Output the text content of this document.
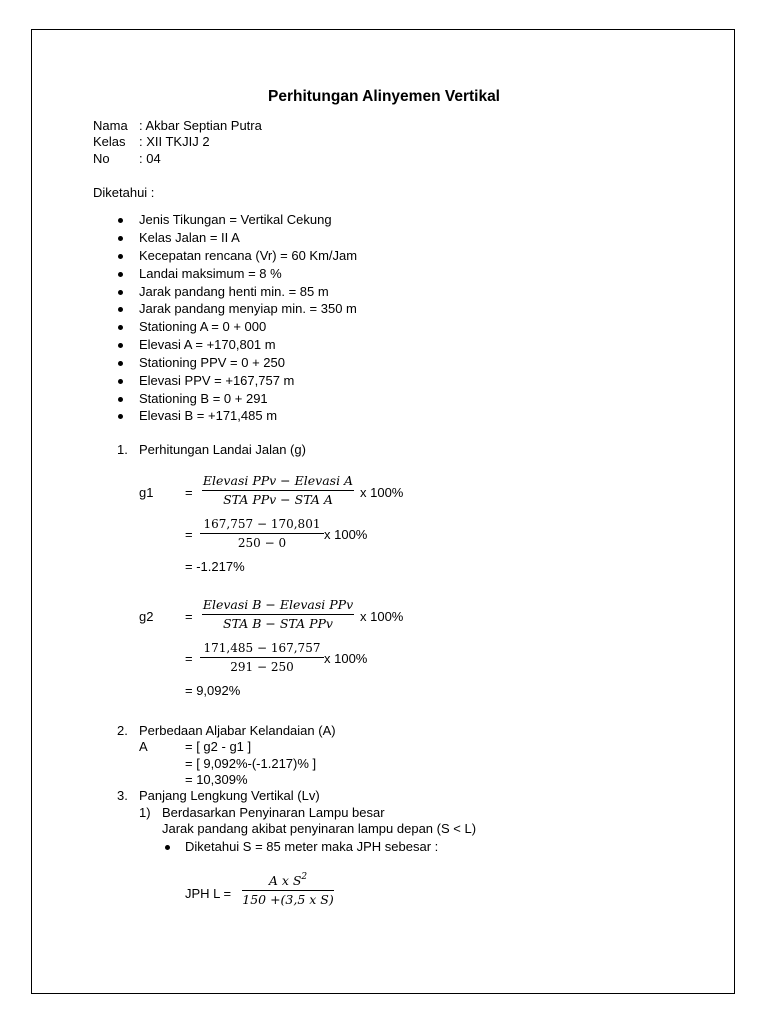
Perhitungan Alinyemen Vertikal
Nama : Akbar Septian Putra
Kelas : XII TKJIJ 2
No : 04
Diketahui :
Jenis Tikungan = Vertikal Cekung
Kelas Jalan = II A
Kecepatan rencana (Vr) = 60 Km/Jam
Landai maksimum = 8 %
Jarak pandang henti min. = 85 m
Jarak pandang menyiap min. = 350 m
Stationing A = 0 + 000
Elevasi A = +170,801 m
Stationing PPV = 0 + 250
Elevasi PPV = +167,757 m
Stationing B = 0 + 291
Elevasi B = +171,485 m
1. Perhitungan Landai Jalan (g)
g1 =
Elevasi PPv − Elevasi A
STA PPv − STA A	x 100%
=
167,757 − 170,801
250 − 0
x 100%
= -1.217%
g2 =
Elevasi B − Elevasi PPv
STA B − STA PPv	x 100%
=
171,485 − 167,757
291 − 250
x 100%
= 9,092%
2. Perbedaan Aljabar Kelandaian (A)
A	= [ g2 - g1 ]
= [ 9,092%-(-1.217)% ]
= 10,309%
3. Panjang Lengkung Vertikal (Lv)
1) Berdasarkan Penyinaran Lampu besar
Jarak pandang akibat penyinaran lampu depan (S < L)
Diketahui S = 85 meter maka JPH sebesar :
JPH L =
A x $S^2$
150 +(3,5 x S)
